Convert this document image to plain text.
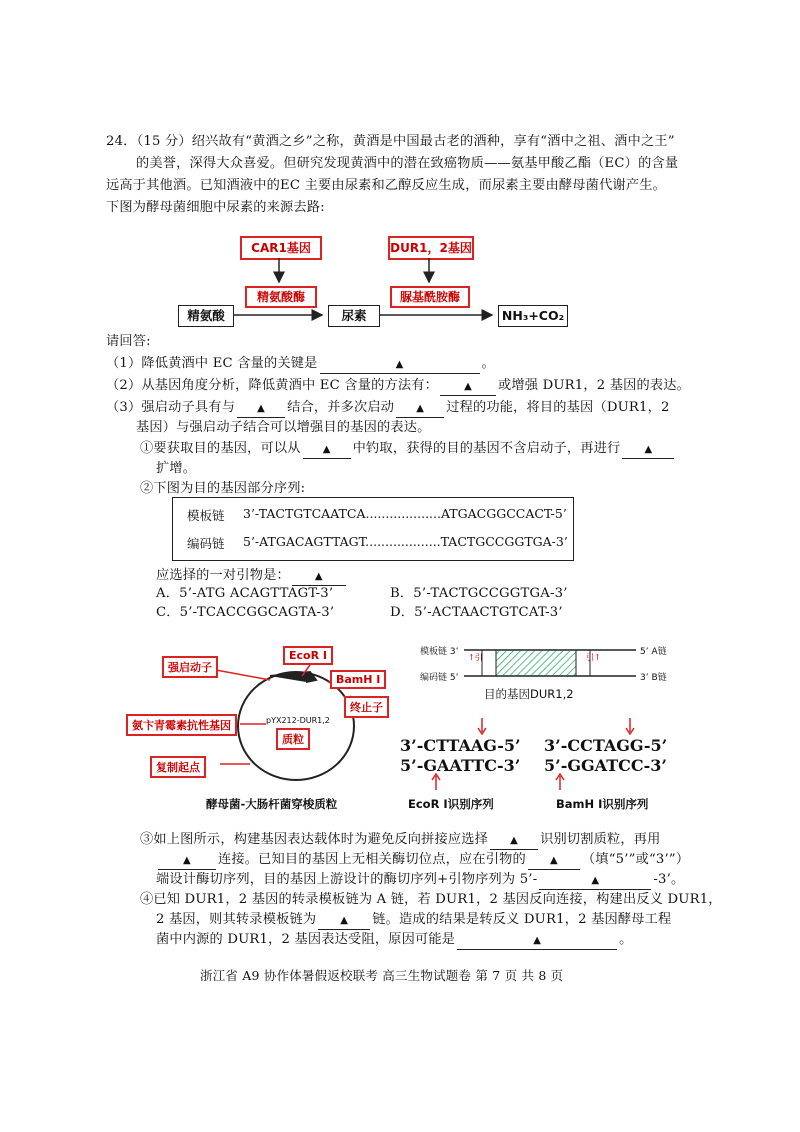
24．（15 分）绍兴故有“黄酒之乡”之称，黄酒是中国最古老的酒种，享有“酒中之祖、酒中之王”
的美誉，深得大众喜爱。但研究发现黄酒中的潜在致癌物质——氨基甲酸乙酯（EC）的含量
远高于其他酒。已知酒液中的EC 主要由尿素和乙醇反应生成，而尿素主要由酵母菌代谢产生。
下图为酵母菌细胞中尿素的来源去路:
CAR1基因	DUR1，2基因
精氨酸酶	脲基酰胺酶
精氨酸	尿素	NH₃+CO₂
请回答:
（1）降低黄酒中 EC 含量的关键是	▲	。
（2）从基因角度分析，降低黄酒中 EC 含量的方法有：	▲ 或增强 DUR1，2 基因的表达。
（3）强启动子具有与 ▲ 结合，并多次启动 ▲ 过程的功能，将目的基因（DUR1，2
基因）与强启动子结合可以增强目的基因的表达。
①要获取目的基因，可以从 ▲ 中钓取，获得的目的基因不含启动子，再进行 ▲
扩增。
②下图为目的基因部分序列:
模板链 3’-TACTGTCAATCA...................ATGACGGCCACT-5’
编码链 5’-ATGACAGTTAGT...................TACTGCCGGTGA-3’
应选择的一对引物是：	▲
A．5’-ATG ACAGTTAGT-3’	B．5’-TACTGCCGGTGA-3’
C．5’-TCACCGGCAGTA-3’	D．5’-ACTAACTGTCAT-3’
强启动子
EcoR I
BamH I
终止子
氨卞青霉素抗性基因
质粒
复制起点
pYX212-DUR1,2
酵母菌-大肠杆菌穿梭质粒
模板链 3’
编码链 5’
↑引	引↑
5’ A链
3’ B链
目的基因DUR1,2
3’-CTTAAG-5’
5’-GAATTC-3’
3’-CCTAGG-5’
5’-GGATCC-3’
EcoR I识别序列	BamH I识别序列
③如上图所示，构建基因表达载体时为避免反向拼接应选择 ▲ 识别切割质粒，再用
▲ 连接。已知目的基因上无相关酶切位点，应在引物的 ▲ （填“5’”或“3’”）
端设计酶切序列，目的基因上游设计的酶切序列+引物序列为 5’-	▲	-3’。
④已知 DUR1，2 基因的转录模板链为 A 链，若 DUR1，2 基因反向连接，构建出反义 DUR1，
2 基因，则其转录模板链为 ▲ 链。造成的结果是转反义 DUR1，2 基因酵母工程
菌中内源的 DUR1，2 基因表达受阻，原因可能是	▲	。
浙江省 A9 协作体暑假返校联考 高三生物试题卷 第 7 页 共 8 页
